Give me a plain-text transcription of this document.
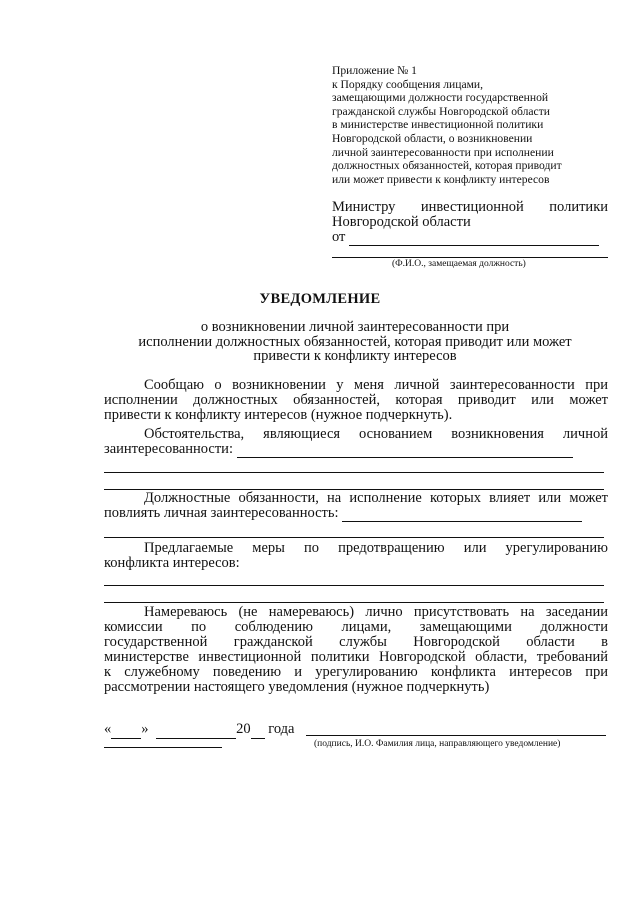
Приложение № 1
к Порядку сообщения лицами,
замещающими должности государственной
гражданской службы Новгородской области
в министерстве инвестиционной политики
Новгородской области, о возникновении
личной заинтересованности при исполнении
должностных обязанностей, которая приводит
или может привести к конфликту интересов
Министру инвестиционной политики
Новгородской области
от
(Ф.И.О., замещаемая должность)
УВЕДОМЛЕНИЕ
о возникновении личной заинтересованности при
исполнении должностных обязанностей, которая приводит или может
привести к конфликту интересов
Сообщаю о возникновении у меня личной заинтересованности при
исполнении должностных обязанностей, которая приводит или может
привести к конфликту интересов (нужное подчеркнуть).
Обстоятельства, являющиеся основанием возникновения личной
заинтересованности:
Должностные обязанности, на исполнение которых влияет или может
повлиять личная заинтересованность:
Предлагаемые меры по предотвращению или урегулированию
конфликта интересов:
Намереваюсь (не намереваюсь) лично присутствовать на заседании
комиссии по соблюдению лицами, замещающими должности
государственной гражданской службы Новгородской области в
министерстве инвестиционной политики Новгородской области, требований
к служебному поведению и урегулированию конфликта интересов при
рассмотрении настоящего уведомления (нужное подчеркнуть)
« »	20 года
(подпись, И.О. Фамилия лица, направляющего уведомление)
